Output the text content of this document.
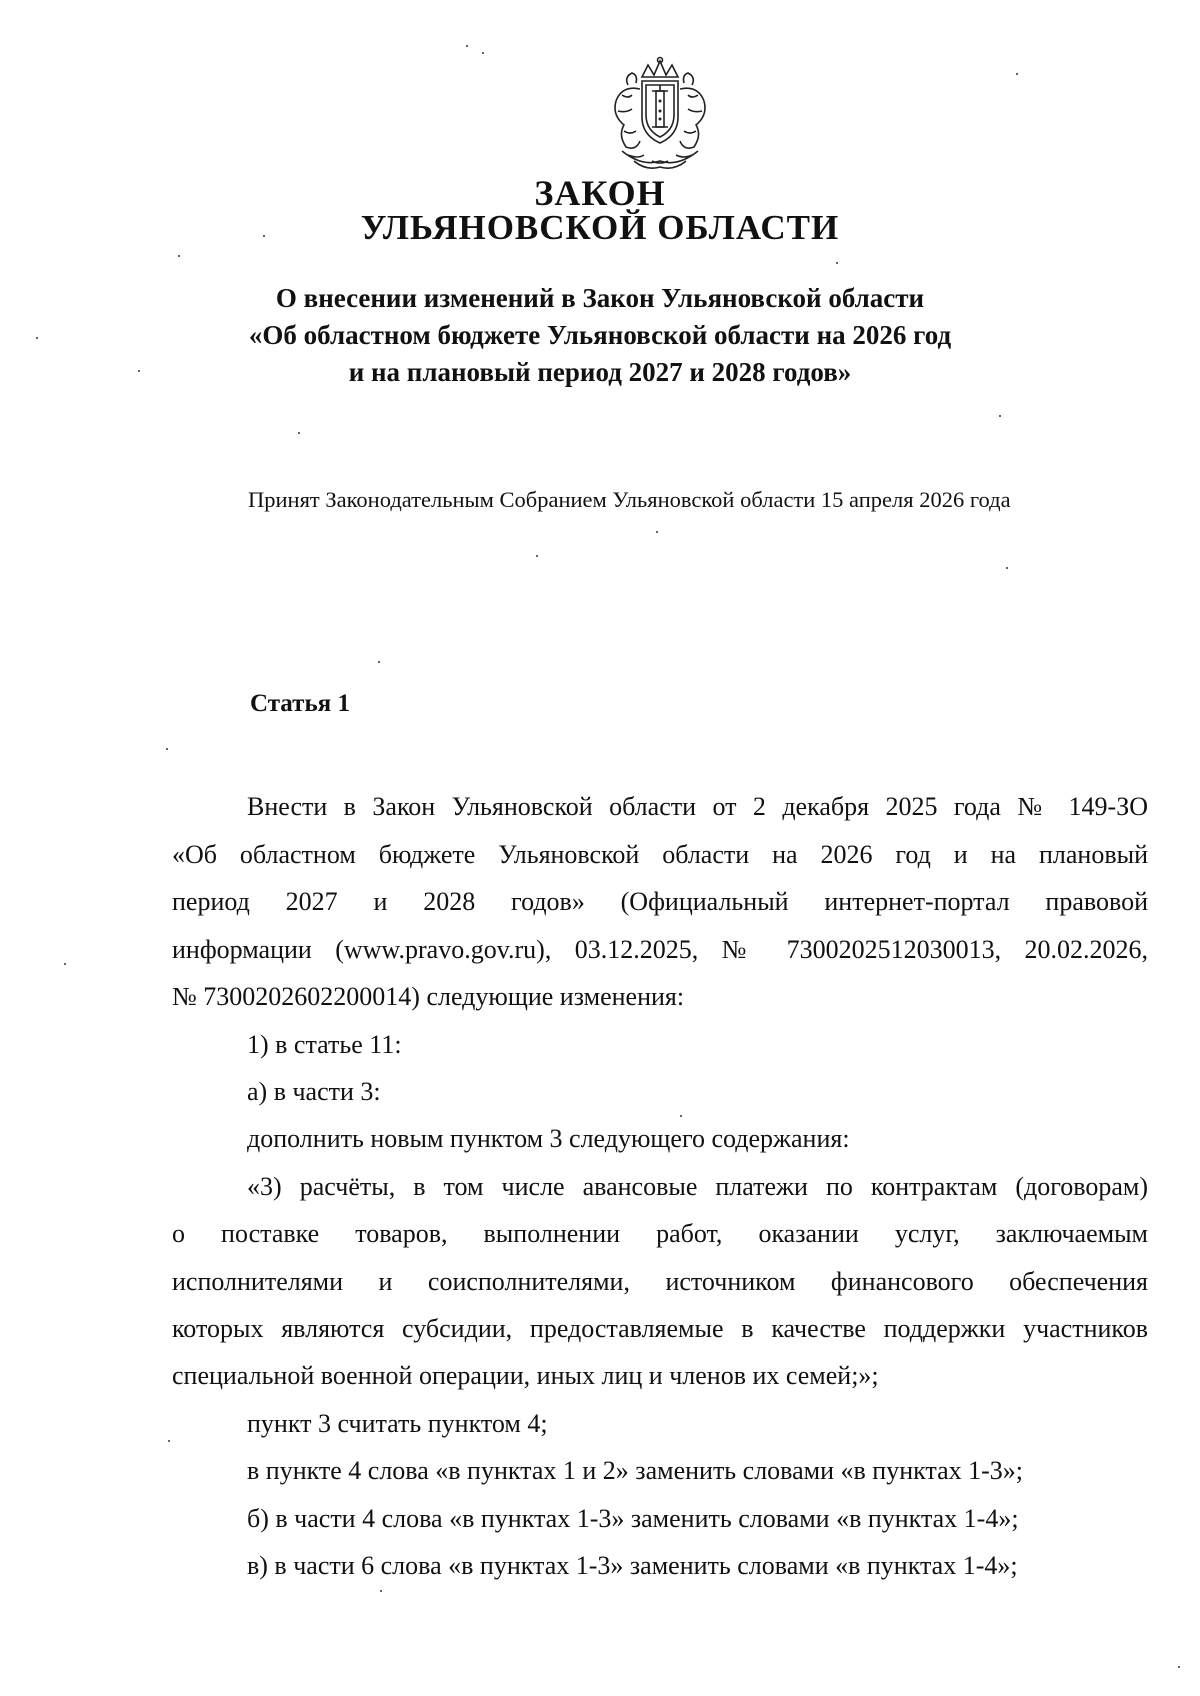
ЗАКОН
УЛЬЯНОВСКОЙ ОБЛАСТИ
О внесении изменений в Закон Ульяновской области
«Об областном бюджете Ульяновской области на 2026 год
и на плановый период 2027 и 2028 годов»
Принят Законодательным Собранием Ульяновской области 15 апреля 2026 года
Статья 1
Внести в Закон Ульяновской области от 2 декабря 2025 года № 149-ЗО
«Об областном бюджете Ульяновской области на 2026 год и на плановый
период 2027 и 2028 годов» (Официальный интернет-портал правовой
информации (www.pravo.gov.ru), 03.12.2025, № 7300202512030013, 20.02.2026,
№ 7300202602200014) следующие изменения:
1) в статье 11:
а) в части 3:
дополнить новым пунктом 3 следующего содержания:
«3) расчёты, в том числе авансовые платежи по контрактам (договорам)
о поставке товаров, выполнении работ, оказании услуг, заключаемым
исполнителями и соисполнителями, источником финансового обеспечения
которых являются субсидии, предоставляемые в качестве поддержки участников
специальной военной операции, иных лиц и членов их семей;»;
пункт 3 считать пунктом 4;
в пункте 4 слова «в пунктах 1 и 2» заменить словами «в пунктах 1-3»;
б) в части 4 слова «в пунктах 1-3» заменить словами «в пунктах 1-4»;
в) в части 6 слова «в пунктах 1-3» заменить словами «в пунктах 1-4»;
